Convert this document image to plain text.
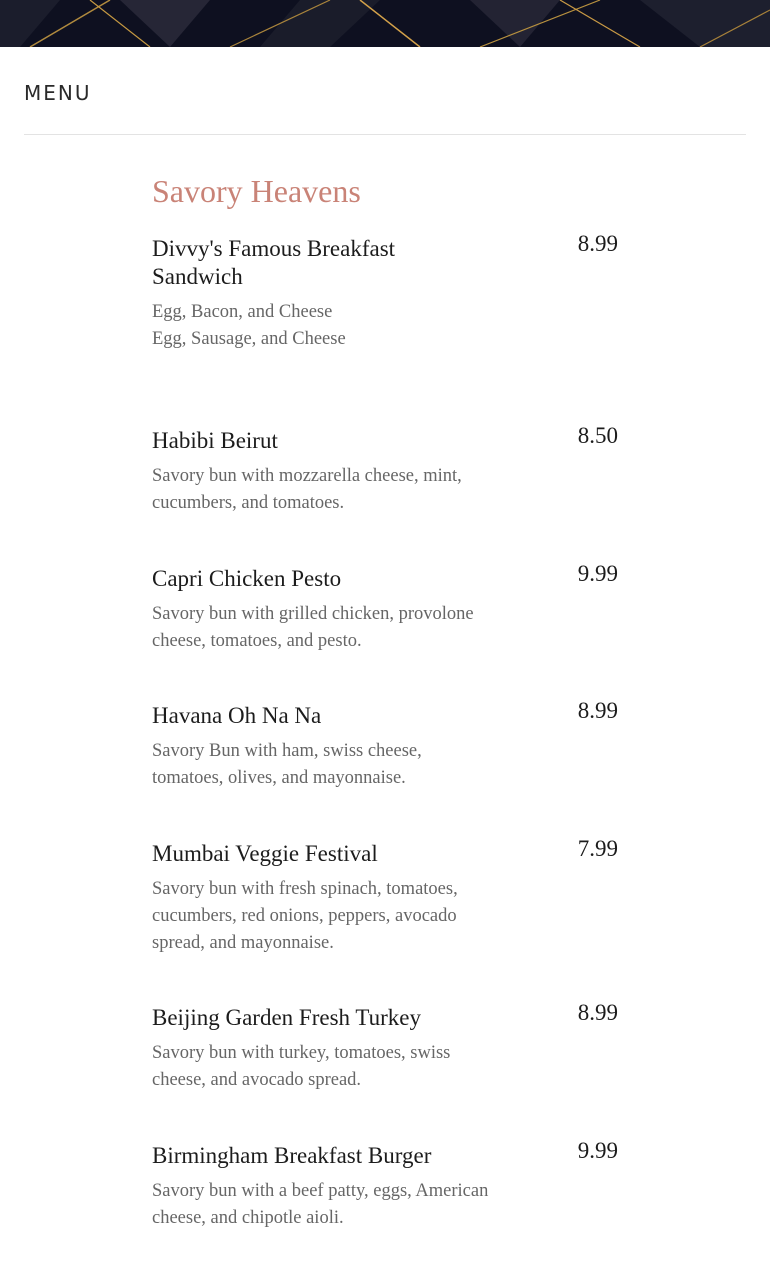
MENU
Savory Heavens
Divvy's Famous Breakfast Sandwich
8.99
Egg, Bacon, and Cheese
Egg, Sausage, and Cheese
Habibi Beirut	8.50
Savory bun with mozzarella cheese, mint, cucumbers, and tomatoes.
Capri Chicken Pesto	9.99
Savory bun with grilled chicken, provolone cheese, tomatoes, and pesto.
Havana Oh Na Na	8.99
Savory Bun with ham, swiss cheese, tomatoes, olives, and mayonnaise.
Mumbai Veggie Festival	7.99
Savory bun with fresh spinach, tomatoes, cucumbers, red onions, peppers, avocado spread, and mayonnaise.
Beijing Garden Fresh Turkey	8.99
Savory bun with turkey, tomatoes, swiss cheese, and avocado spread.
Birmingham Breakfast Burger	9.99
Savory bun with a beef patty, eggs, American cheese, and chipotle aioli.
